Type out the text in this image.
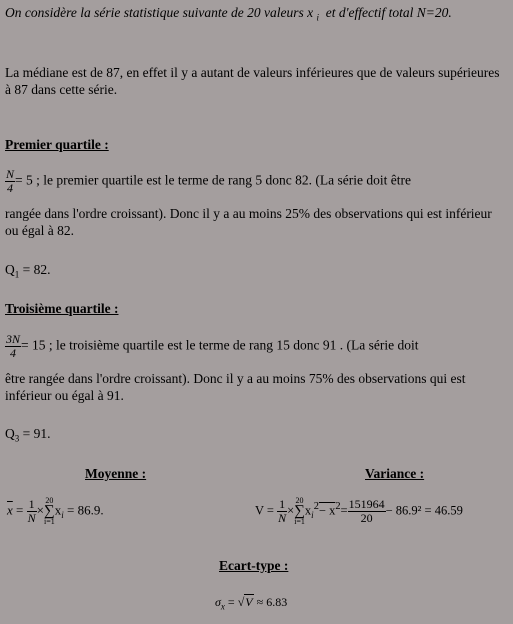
On considère la série statistique suivante de 20 valeurs x $_i$ et d'effectif total N=20.

La médiane est de 87, en effet il y a autant de valeurs inférieures que de valeurs supérieures à 87 dans cette série.

Premier quartile :

$\frac{N}{4} = 5$ ; le premier quartile est le terme de rang 5 donc 82. (La série doit être

rangée dans l'ordre croissant). Donc il y a au moins 25% des observations qui est inférieur ou égal à 82.

$Q_1 = 82$.

Troisième quartile :

$\frac{3N}{4} = 15$ ; le troisième quartile est le terme de rang 15 donc 91 . (La série doit

être rangée dans l'ordre croissant). Donc il y a au moins 75% des observations qui est inférieur ou égal à 91.

$Q_3 = 91$.

Moyenne :	Variance :

$\overline{x} = \frac{1}{N} \times 20$
∑
$i=1x_i = 86.9$.	$V = \frac{1}{N} \times 20$
∑
$i=1x_i^2- x^2= \frac{151964}{20} - 86.9^2 = 46.59$

Ecart-type :

$\sigma_x = √V \approx 6.83$
